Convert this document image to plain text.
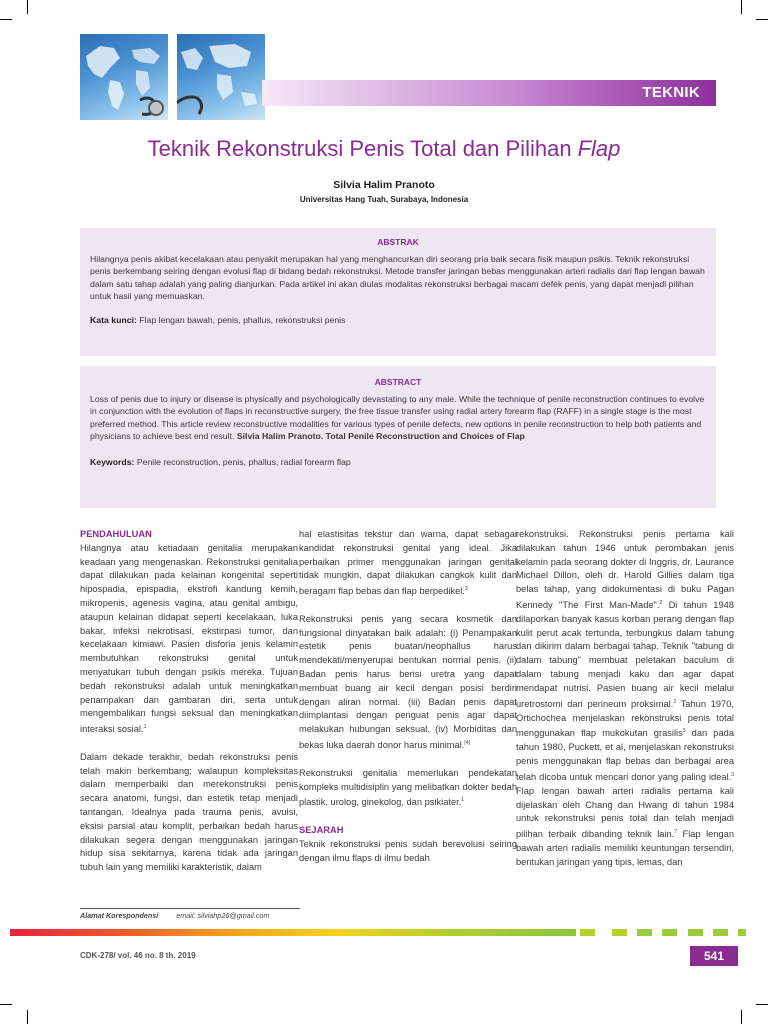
TEKNIK
Teknik Rekonstruksi Penis Total dan Pilihan Flap
Silvia Halim Pranoto
Universitas Hang Tuah, Surabaya, Indonesia
ABSTRAK
Hilangnya penis akibat kecelakaan atau penyakit merupakan hal yang menghancurkan diri seorang pria baik secara fisik maupun psikis. Teknik rekonstruksi penis berkembang seiring dengan evolusi flap di bidang bedah rekonstruksi. Metode transfer jaringan bebas menggunakan arteri radialis dari flap lengan bawah dalam satu tahap adalah yang paling dianjurkan. Pada artikel ini akan diulas modalitas rekonstruksi berbagai macam defek penis, yang dapat menjadi pilihan untuk hasil yang memuaskan.
Kata kunci: Flap lengan bawah, penis, phallus, rekonstruksi penis
ABSTRACT
Loss of penis due to injury or disease is physically and psychologically devastating to any male. While the technique of penile reconstruction continues to evolve in conjunction with the evolution of flaps in reconstructive surgery, the free tissue transfer using radial artery forearm flap (RAFF) in a single stage is the most preferred method. This article review reconstructive modalities for various types of penile defects, new options in penile reconstruction to help both patients and physicians to achieve best end result. Silvia Halim Pranoto. Total Penile Reconstruction and Choices of Flap
Keywords: Penile reconstruction, penis, phallus, radial forearm flap

PENDAHULUAN

Hilangnya atau ketiadaan genitalia merupakan keadaan yang mengenaskan. Rekonstruksi genitalia dapat dilakukan pada kelainan kongenital seperti hipospadia, epispadia, ekstrofi kandung kemih, mikropenis, agenesis vagina, atau genital ambigu, ataupun kelainan didapat seperti kecelakaan, luka bakar, infeksi nekrotisasi, ekstirpasi tumor, dan kecelakaan kimiawi. Pasien disforia jenis kelamin membutuhkan rekonstruksi genital untuk menyatukan tubuh dengan psikis mereka. Tujuan bedah rekonstruksi adalah untuk meningkatkan penampakan dan gambaran diri, serta untuk mengembalikan fungsi seksual dan meningkatkan interaksi sosial.$^1$

Dalam dekade terakhir, bedah rekonstruksi penis telah makin berkembang; walaupun kompleksitas dalam memperbaiki dan merekonstruksi penis secara anatomi, fungsi, dan estetik tetap menjadi tantangan. Idealnya pada trauma penis, avulsi, eksisi parsial atau komplit, perbaikan bedah harus dilakukan segera dengan menggunakan jaringan hidup sisa sekitarnya, karena tidak ada jaringan tubuh lain yang memiliki karakteristik, dalam

hal elastisitas tekstur dan warna, dapat sebagai kandidat rekonstruksi genital yang ideal. Jika perbaikan primer menggunakan jaringan genital tidak mungkin, dapat dilakukan cangkok kulit dan beragam flap bebas dan flap berpedikel.$^3$

Rekonstruksi penis yang secara kosmetik dan fungsional dinyatakan baik adalah: (i) Penampakan estetik penis buatan/neophallus harus mendekati/menyerupai bentukan normal penis. (ii) Badan penis harus berisi uretra yang dapat membuat buang air kecil dengan posisi berdiri dengan aliran normal. (iii) Badan penis dapat diimplantasi dengan penguat penis agar dapat melakukan hubungan seksual. (iv) Morbiditas dan bekas luka daerah donor harus minimal.[4]

Rekonstruksi genitalia memerlukan pendekatan kompleks multidisiplin yang melibatkan dokter bedah plastik, urolog, ginekolog, dan psikiater.$^1$

SEJARAH

Teknik rekonstruksi penis sudah berevolusi seiring dengan ilmu flaps di ilmu bedah

rekonstruksi. Rekonstruksi penis pertama kali dilakukan tahun 1946 untuk perombakan jenis kelamin pada seorang dokter di Inggris, dr. Laurance Michael Dillon, oleh dr. Harold Gillies dalam tiga belas tahap, yang didokumentasi di buku Pagan Kennedy "The First Man-Made".$^2$ Di tahun 1948 dilaporkan banyak kasus korban perang dengan flap kulit perut acak tertunda, terbungkus dalam tabung dan dikirim dalam berbagai tahap. Teknik "tabung di dalam tabung" membuat peletakan baculum di dalam tabung menjadi kaku dan agar dapat mendapat nutrisi. Pasien buang air kecil melalui uretrostomi dari perineum proksimal.$^2$ Tahun 1970, Ortichochea menjelaskan rekonstruksi penis total menggunakan flap mukokutan grasilis$^3$ dan pada tahun 1980, Puckett, et al, menjelaskan rekonstruksi penis menggunakan flap bebas dan berbagai area telah dicoba untuk mencari donor yang paling ideal.$^3$ Flap lengan bawah arteri radialis pertama kali dijelaskan oleh Chang dan Hwang di tahun 1984 untuk rekonstruksi penis total dan telah menjadi pilihan terbaik dibanding teknik lain.$^7$ Flap lengan bawah arteri radialis memiliki keuntungan tersendiri, bentukan jaringan yang tipis, lemas, dan

Alamat Korespondensi	email: silviahp26@gmail.com
CDK-278/ vol. 46 no. 8 th. 2019	541
